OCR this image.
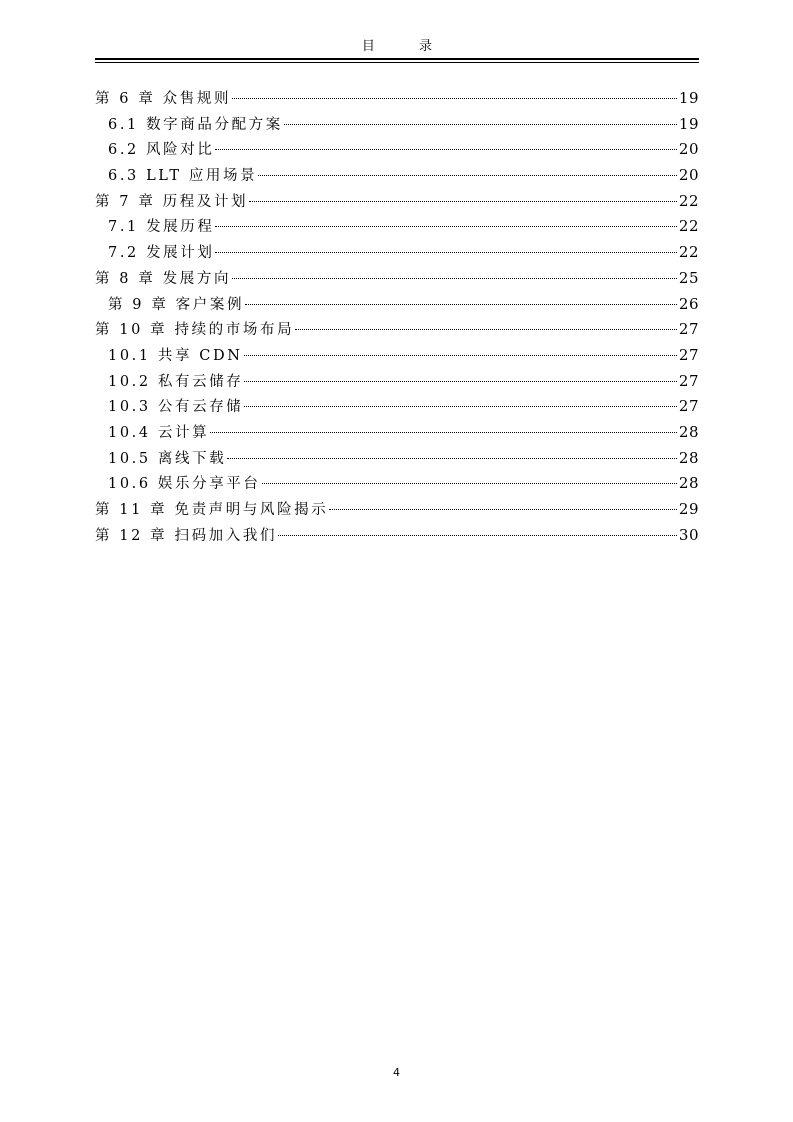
目 录
第 6 章 众售规则	19
6.1 数字商品分配方案	19
6.2 风险对比	20
6.3 LLT 应用场景	20
第 7 章 历程及计划	22
7.1 发展历程	22
7.2 发展计划	22
第 8 章 发展方向	25
第 9 章 客户案例	26
第 10 章 持续的市场布局	27
10.1 共享 CDN	27
10.2 私有云储存	27
10.3 公有云存储	27
10.4 云计算	28
10.5 离线下载	28
10.6 娱乐分享平台	28
第 11 章 免责声明与风险揭示	29
第 12 章 扫码加入我们	30
4
